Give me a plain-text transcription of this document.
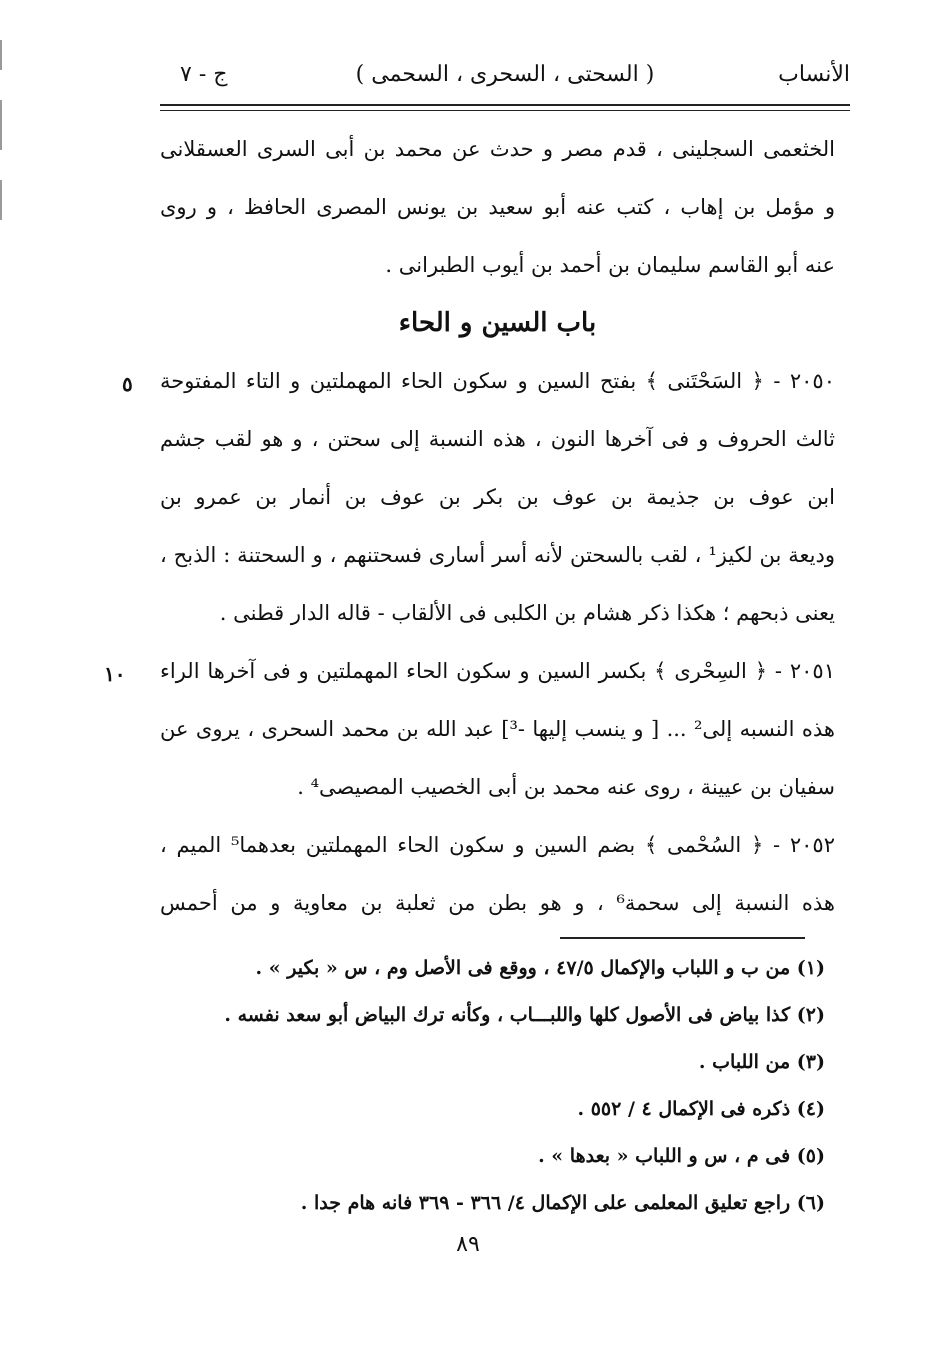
الأنساب
( السحتى ، السحرى ، السحمى )
ج - ٧
الخثعمى السجلينى ، قدم مصر و حدث عن محمد بن أبى السرى العسقلانى
و مؤمل بن إهاب ، كتب عنه أبو سعيد بن يونس المصرى الحافظ ، و روى
عنه أبو القاسم سليمان بن أحمد بن أيوب الطبرانى .
باب السين و الحاء
٢٠٥٠ - ﴿ السَحْتَنى ﴾ بفتح السين و سكون الحاء المهملتين و التاء المفتوحة
ثالث الحروف و فى آخرها النون ، هذه النسبة إلى سحتن ، و هو لقب جشم
ابن عوف بن جذيمة بن عوف بن بكر بن عوف بن أنمار بن عمرو بن
وديعة بن لكيز¹ ، لقب بالسحتن لأنه أسر أسارى فسحتنهم ، و السحتنة : الذبح ،
يعنى ذبحهم ؛ هكذا ذكر هشام بن الكلبى فى الألقاب - قاله الدار قطنى .
٢٠٥١ - ﴿ السِحْرى ﴾ بكسر السين و سكون الحاء المهملتين و فى آخرها الراء
هذه النسبه إلى² ... [ و ينسب إليها -³] عبد الله بن محمد السحرى ، يروى عن
سفيان بن عيينة ، روى عنه محمد بن أبى الخصيب المصيصى⁴ .
٢٠٥٢ - ﴿ السُحْمى ﴾ بضم السين و سكون الحاء المهملتين بعدهما⁵ الميم ،
هذه النسبة إلى سحمة⁶ ، و هو بطن من ثعلبة بن معاوية و من أحمس
٥
١٠
(١) من ب و اللباب والإكمال ٤٧/٥ ، ووقع فى الأصل وم ، س « بكير » .
(٢) كذا بياض فى الأصول كلها واللبـــاب ، وكأنه ترك البياض أبو سعد نفسه .
(٣) من اللباب .
(٤) ذكره فى الإكمال ٤ / ٥٥٢ .
(٥) فى م ، س و اللباب « بعدها » .
(٦) راجع تعليق المعلمى على الإكمال ٤/ ٣٦٦ - ٣٦٩ فانه هام جدا .
٨٩
